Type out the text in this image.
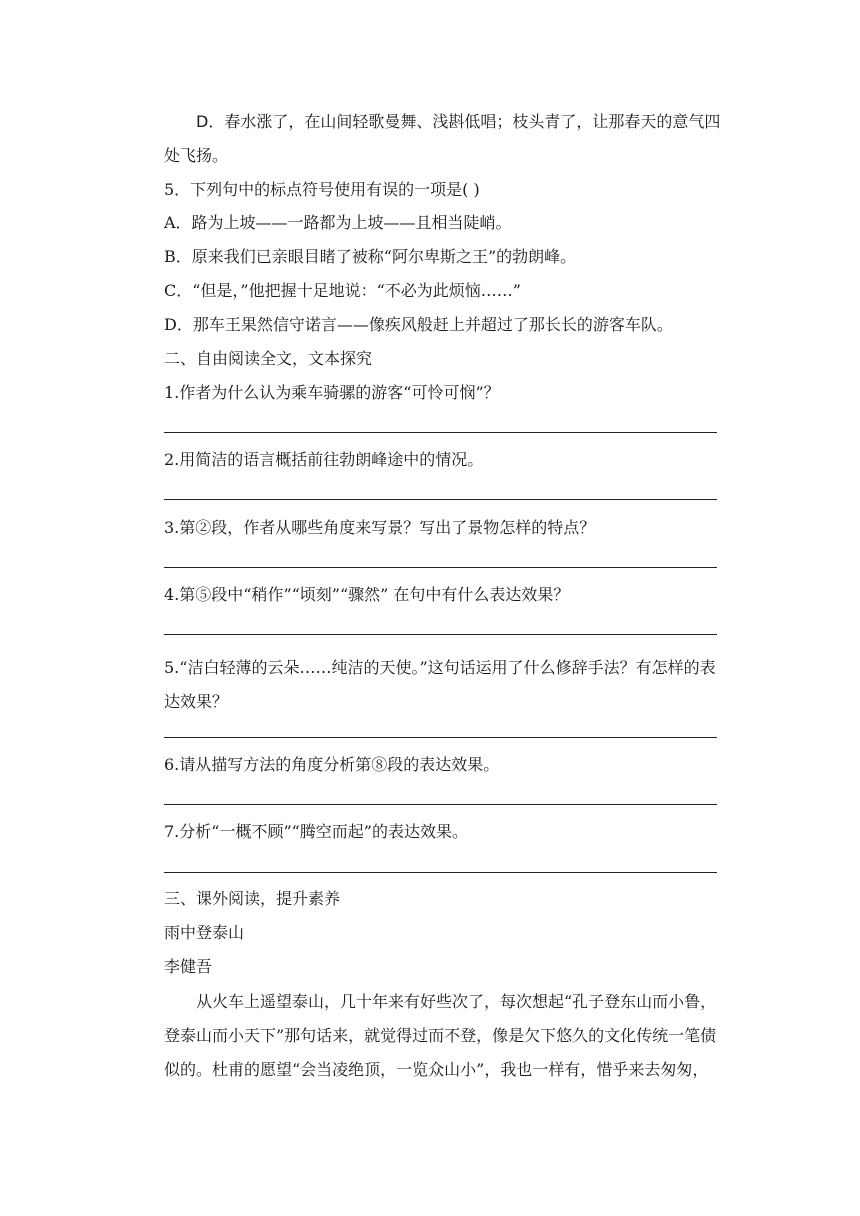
D．春水涨了，在山间轻歌曼舞、浅斟低唱；枝头青了，让那春天的意气四处飞扬。
5．下列句中的标点符号使用有误的一项是( )
A．路为上坡——一路都为上坡——且相当陡峭。
B．原来我们已亲眼目睹了被称“阿尔卑斯之王”的勃朗峰。
C．“但是，”他把握十足地说：“不必为此烦恼……”
D．那车王果然信守诺言——像疾风般赶上并超过了那长长的游客车队。
二、自由阅读全文，文本探究
1.作者为什么认为乘车骑骡的游客“可怜可悯”？
2.用简洁的语言概括前往勃朗峰途中的情况。
3.第②段，作者从哪些角度来写景？写出了景物怎样的特点？
4.第⑤段中“稍作”“顷刻”“骤然” 在句中有什么表达效果？
5.“洁白轻薄的云朵……纯洁的天使。”这句话运用了什么修辞手法？有怎样的表达效果？
6.请从描写方法的角度分析第⑧段的表达效果。
7.分析“一概不顾”“腾空而起”的表达效果。
三、课外阅读，提升素养
雨中登泰山
李健吾
从火车上遥望泰山，几十年来有好些次了，每次想起“孔子登东山而小鲁，登泰山而小天下”那句话来，就觉得过而不登，像是欠下悠久的文化传统一笔债似的。杜甫的愿望“会当凌绝顶，一览众山小”，我也一样有，惜乎来去匆匆，
